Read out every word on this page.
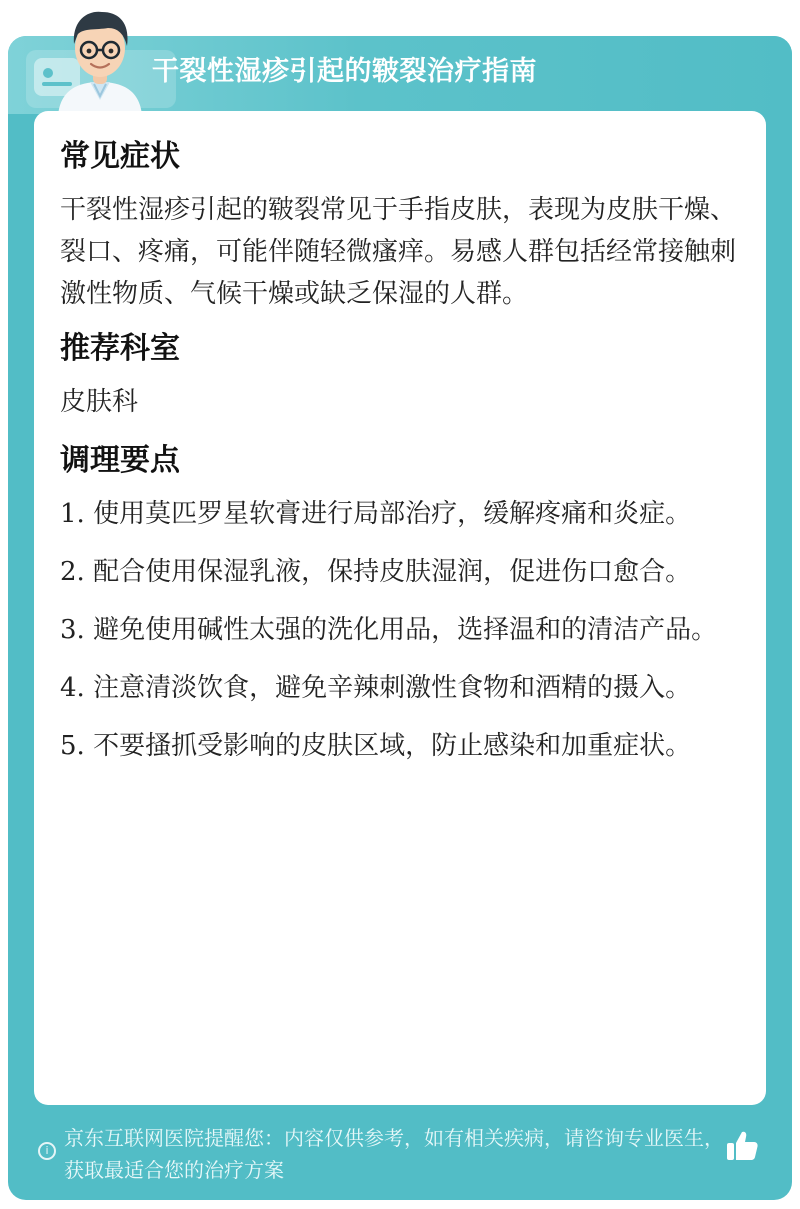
干裂性湿疹引起的皲裂治疗指南
常见症状

干裂性湿疹引起的皲裂常见于手指皮肤，表现为皮肤干燥、裂口、疼痛，可能伴随轻微瘙痒。易感人群包括经常接触刺激性物质、气候干燥或缺乏保湿的人群。

推荐科室

皮肤科

调理要点
1. 使用莫匹罗星软膏进行局部治疗，缓解疼痛和炎症。
2. 配合使用保湿乳液，保持皮肤湿润，促进伤口愈合。
3. 避免使用碱性太强的洗化用品，选择温和的清洁产品。
4. 注意清淡饮食，避免辛辣刺激性食物和酒精的摄入。
5. 不要搔抓受影响的皮肤区域，防止感染和加重症状。
i

京东互联网医院提醒您：内容仅供参考，如有相关疾病，请咨询专业医生，获取最适合您的治疗方案
